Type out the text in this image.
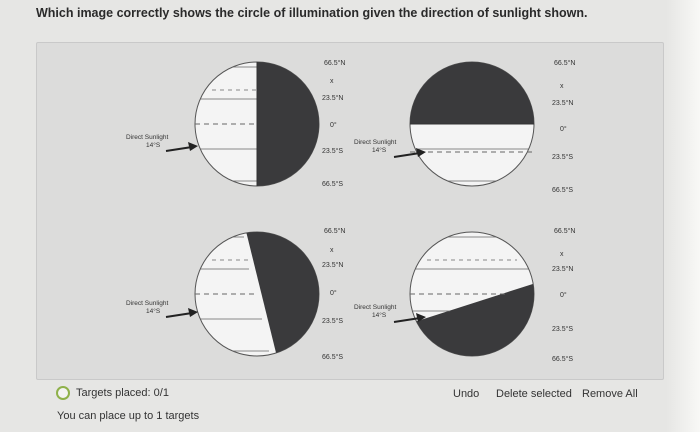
Which image correctly shows the circle of illumination given the direction of sunlight shown.
Direct Sunlight
14°S
66.5°N
x
23.5°N
0°
23.5°S
66.5°S
Direct Sunlight
14°S
66.5°N
x
23.5°N
0°
23.5°S
66.5°S
Direct Sunlight
14°S
66.5°N
x
23.5°N
0°
23.5°S
66.5°S
Direct Sunlight
14°S
66.5°N
x
23.5°N
0°
23.5°S
66.5°S
Targets placed: 0/1
You can place up to 1 targets
Undo Delete selected Remove All
